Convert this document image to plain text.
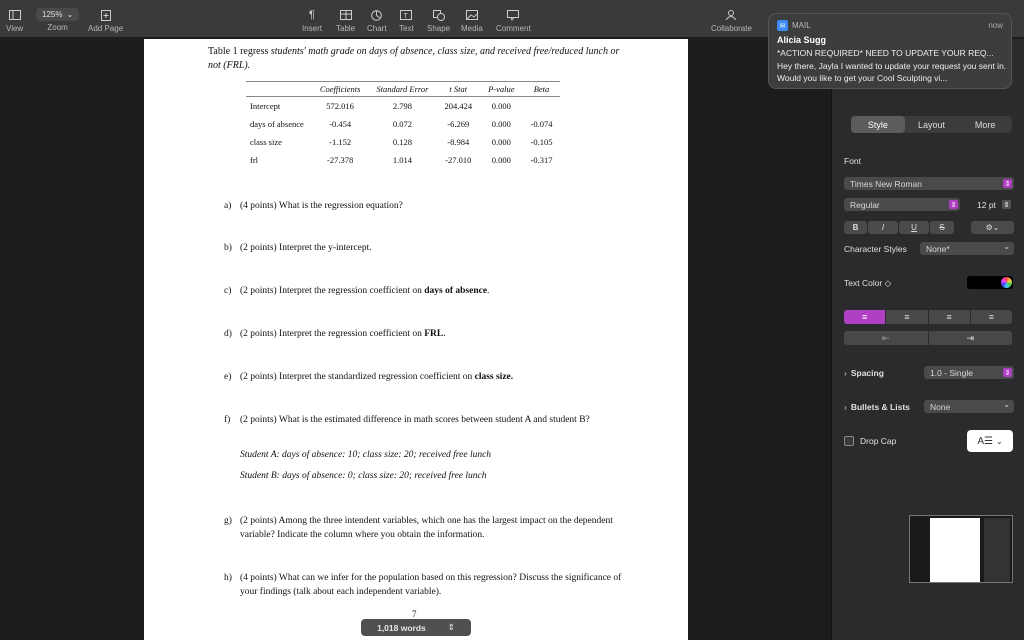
View
125% ⌄
Zoom	Add Page
¶
Insert Table Chart
T
Text Shape Media Comment	Collaborate
Table 1 regress students' math grade on days of absence, class size, and received free/reduced lunch or not (FRL).
	Coefficients	Standard Error	t Stat	P-value	Beta
Intercept	572.016	2.798	204.424	0.000	
days of absence	-0.454	0.072	-6.269	0.000	-0.074
class size	-1.152	0.128	-8.984	0.000	-0.105
frl	-27.378	1.014	-27.010	0.000	-0.317
a) (4 points) What is the regression equation?
b) (2 points) Interpret the y-intercept.
c) (2 points) Interpret the regression coefficient on days of absence.
d) (2 points) Interpret the regression coefficient on FRL.
e) (2 points) Interpret the standardized regression coefficient on class size.
f) (2 points) What is the estimated difference in math scores between student A and student B?
Student A: days of absence: 10; class size: 20; received free lunch
Student B: days of absence: 0; class size: 20; received free lunch
g) (2 points) Among the three intendent variables, which one has the largest impact on the dependent variable? Indicate the column where you obtain the information.
h) (4 points) What can we infer for the population based on this regression? Discuss the significance of your findings (talk about each independent variable).
7
1,018 words	⇕
Style	Layout	More
Font
Times New Roman	⇕
Regular	⇕ 12 pt ⇕
B	I	U	S	⚙⌄
Character Styles None*	⌄
Text Color ◇
≡	≡	≡	≡
⇤	⇥
› Spacing	1.0 - Single	⇕
› Bullets & Lists None	⌄
Drop Cap	A☰ ⌄
✉ MAIL	now
Alicia Sugg
*ACTION REQUIRED* NEED TO UPDATE YOUR REQ...
Hey there, Jayla I wanted to update your request you sent in. Would you like to get your Cool Sculpting vi...
